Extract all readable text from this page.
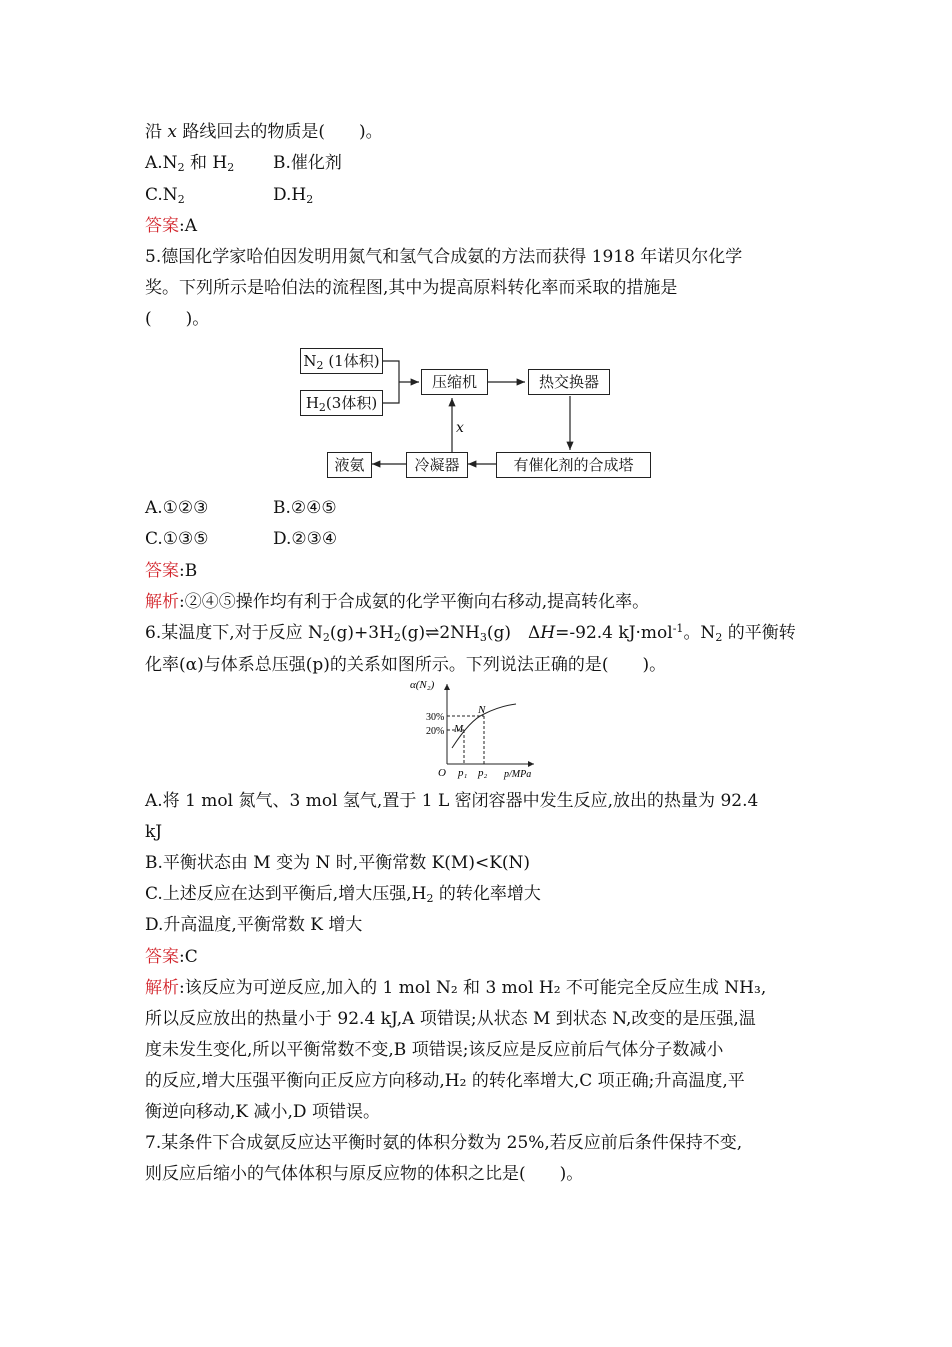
沿 x 路线回去的物质是(　　)。
$A.N_2$ 和 $H_2$ B.催化剂
$C.N_2$	$D.H_2$
答案:A
5.德国化学家哈伯因发明用氮气和氢气合成氨的方法而获得 1918 年诺贝尔化学
奖。下列所示是哈伯法的流程图,其中为提高原料转化率而采取的措施是
(　　)。
$N_2$ (1体积)
$H_2(3$体积)
压缩机	热交换器
有催化剂的合成塔
冷凝器
液氨
x
A.①②③	B.②④⑤
C.①③⑤	D.②③④
答案:B
解析:②④⑤操作均有利于合成氨的化学平衡向右移动,提高转化率。
6.某温度下,对于反应 $N_2(g)+3H_2(g)\rightleftharpoons 2NH_3(g)$　ΔH=-92.4 kJ·mol$^{-1}$。$N_2$ 的平衡转
化率(α)与体系总压强(p)的关系如图所示。下列说法正确的是(　　)。
α(N₂)
30%
20% M
N
O p₁ p₂ p/MPa
A.将 1 mol 氮气、3 mol 氢气,置于 1 L 密闭容器中发生反应,放出的热量为 92.4
kJ
B.平衡状态由 M 变为 N 时,平衡常数 K(M)<K(N)
C.上述反应在达到平衡后,增大压强$,H_2$ 的转化率增大
D.升高温度,平衡常数 K 增大
答案:C
解析:该反应为可逆反应,加入的 1 mol N₂ 和 3 mol H₂ 不可能完全反应生成 NH₃,
所以反应放出的热量小于 92.4 kJ,A 项错误;从状态 M 到状态 N,改变的是压强,温
度未发生变化,所以平衡常数不变,B 项错误;该反应是反应前后气体分子数减小
的反应,增大压强平衡向正反应方向移动,H₂ 的转化率增大,C 项正确;升高温度,平
衡逆向移动,K 减小,D 项错误。
7.某条件下合成氨反应达平衡时氨的体积分数为 25%,若反应前后条件保持不变,
则反应后缩小的气体体积与原反应物的体积之比是(　　)。
